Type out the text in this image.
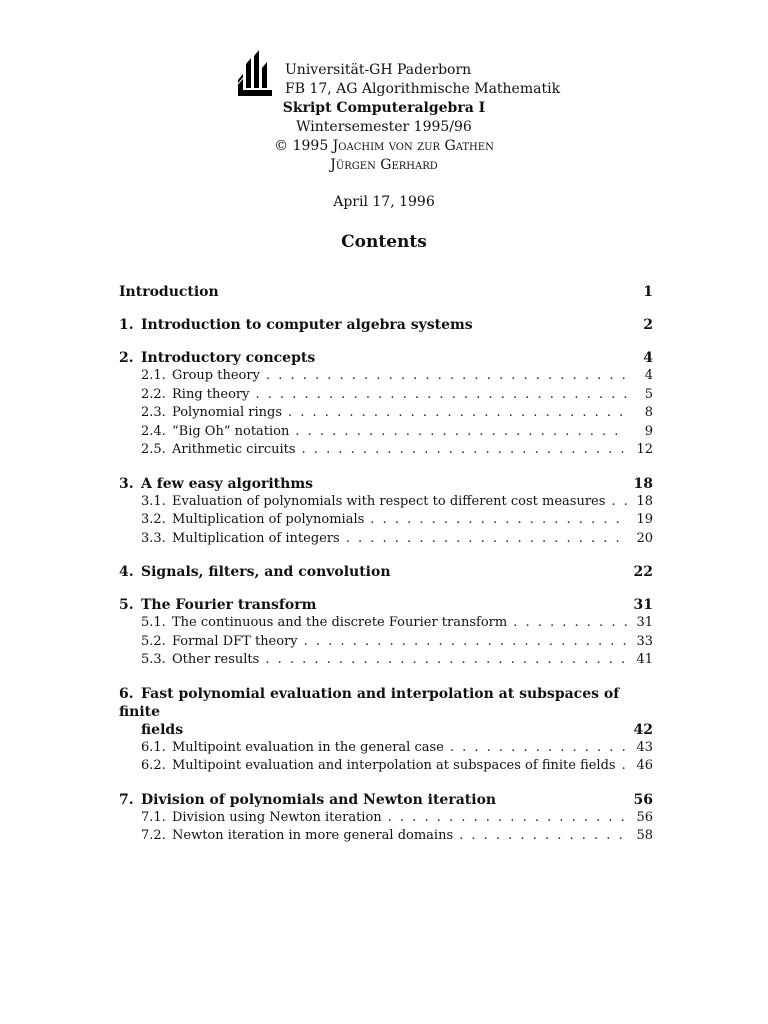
Universität-GH Paderborn
FB 17, AG Algorithmische Mathematik
Skript Computeralgebra I
Wintersemester 1995/96
© 1995 Joachim von zur Gathen
Jürgen Gerhard
April 17, 1996
Contents
Introduction	1
1. Introduction to computer algebra systems	2
2. Introductory concepts	4
2.1. Group theory . . .	4
2.2. Ring theory . . .	5
2.3. Polynomial rings . . .	8
2.4. “Big Oh” notation . . .	9
2.5. Arithmetic circuits . . .	12
3. A few easy algorithms	18
3.1. Evaluation of polynomials with respect to different cost measures . . . 18
3.2. Multiplication of polynomials . . .	19
3.3. Multiplication of integers . . .	20
4. Signals, filters, and convolution	22
5. The Fourier transform	31
5.1. The continuous and the discrete Fourier transform . . .	31
5.2. Formal DFT theory . . .	33
5.3. Other results . . .	41
6. Fast polynomial evaluation and interpolation at subspaces of finite
fields	42
6.1. Multipoint evaluation in the general case . . .	43
6.2. Multipoint evaluation and interpolation at subspaces of finite fields . . . 46
7. Division of polynomials and Newton iteration	56
7.1. Division using Newton iteration . . .	56
7.2. Newton iteration in more general domains . . .	58
